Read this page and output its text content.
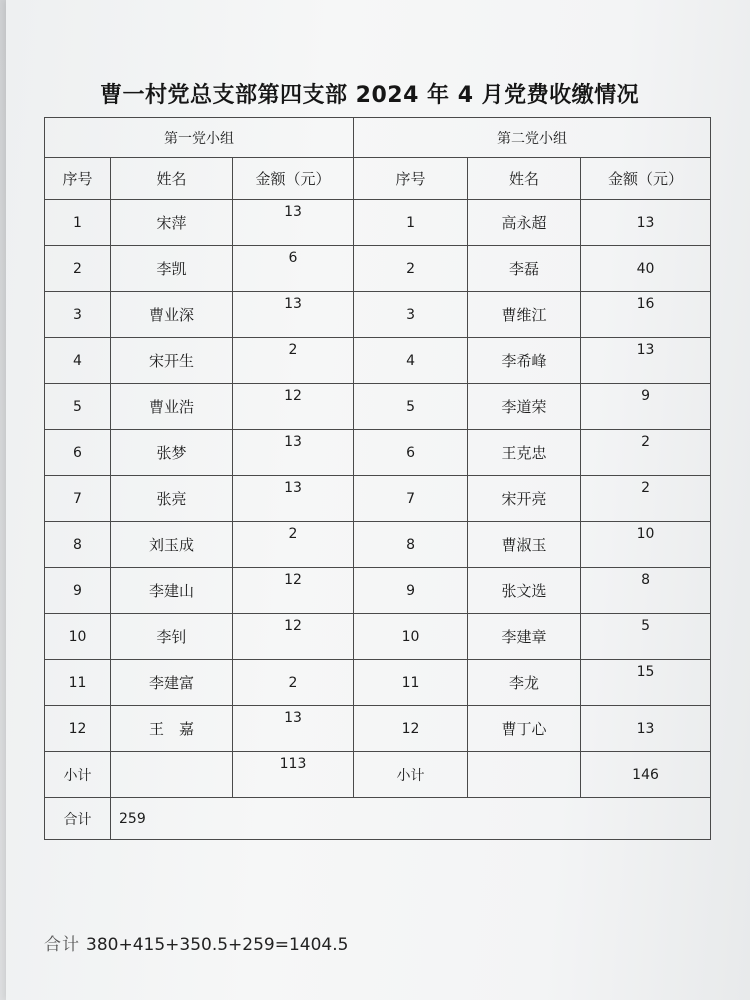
曹一村党总支部第四支部 2024 年 4 月党费收缴情况
第一党小组			第二党小组		
序号	姓名	金额（元）	序号	姓名	金额（元）
1	宋萍	13	1	高永超	13
2	李凯	6	2	李磊	40
3	曹业深	13	3	曹维江	16
4	宋开生	2	4	李希峰	13
5	曹业浩	12	5	李道荣	9
6	张梦	13	6	王克忠	2
7	张亮	13	7	宋开亮	2
8	刘玉成	2	8	曹淑玉	10
9	李建山	12	9	张文选	8
10	李钊	12	10	李建章	5
11	李建富	2	11	李龙	15
12	王　嘉	13	12	曹丁心	13
小计		113	小计		146
合计	259				
合计 380+415+350.5+259=1404.5
